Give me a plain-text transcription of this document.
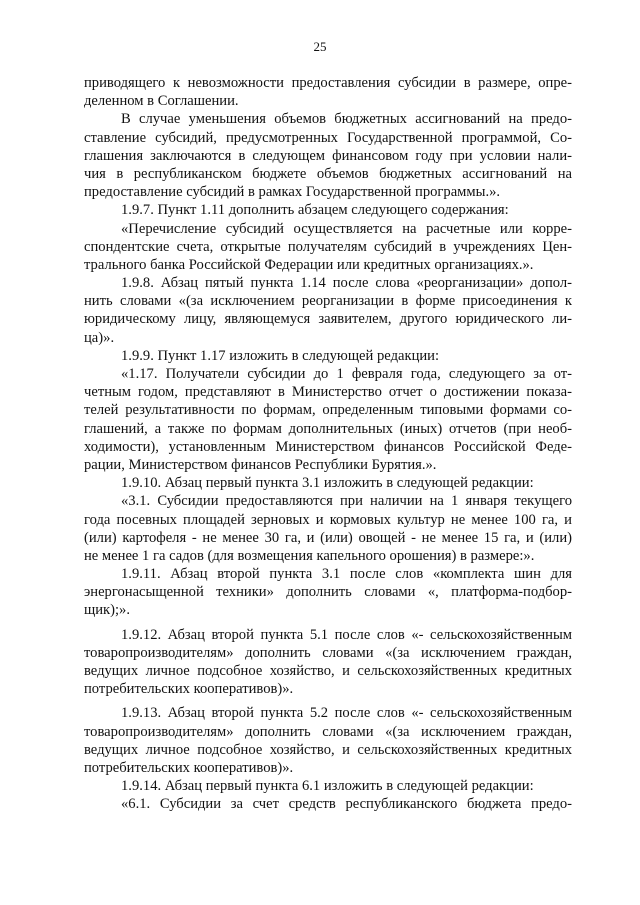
25
приводящего к невозможности предоставления субсидии в размере, опре-
деленном в Соглашении.
В случае уменьшения объемов бюджетных ассигнований на предо-
ставление субсидий, предусмотренных Государственной программой, Со-
глашения заключаются в следующем финансовом году при условии нали-
чия в республиканском бюджете объемов бюджетных ассигнований на
предоставление субсидий в рамках Государственной программы.».
1.9.7. Пункт 1.11 дополнить абзацем следующего содержания:
«Перечисление субсидий осуществляется на расчетные или корре-
спондентские счета, открытые получателям субсидий в учреждениях Цен-
трального банка Российской Федерации или кредитных организациях.».
1.9.8. Абзац пятый пункта 1.14 после слова «реорганизации» допол-
нить словами «(за исключением реорганизации в форме присоединения к
юридическому лицу, являющемуся заявителем, другого юридического ли-
ца)».
1.9.9. Пункт 1.17 изложить в следующей редакции:
«1.17. Получатели субсидии до 1 февраля года, следующего за от-
четным годом, представляют в Министерство отчет о достижении показа-
телей результативности по формам, определенным типовыми формами со-
глашений, а также по формам дополнительных (иных) отчетов (при необ-
ходимости), установленным Министерством финансов Российской Феде-
рации, Министерством финансов Республики Бурятия.».
1.9.10. Абзац первый пункта 3.1 изложить в следующей редакции:
«3.1. Субсидии предоставляются при наличии на 1 января текущего
года посевных площадей зерновых и кормовых культур не менее 100 га, и
(или) картофеля - не менее 30 га, и (или) овощей - не менее 15 га, и (или)
не менее 1 га садов (для возмещения капельного орошения) в размере:».
1.9.11. Абзац второй пункта 3.1 после слов «комплекта шин для
энергонасыщенной техники» дополнить словами «, платформа-подбор-
щик);».
1.9.12. Абзац второй пункта 5.1 после слов «- сельскохозяйственным
товаропроизводителям» дополнить словами «(за исключением граждан,
ведущих личное подсобное хозяйство, и сельскохозяйственных кредитных
потребительских кооперативов)».
1.9.13. Абзац второй пункта 5.2 после слов «- сельскохозяйственным
товаропроизводителям» дополнить словами «(за исключением граждан,
ведущих личное подсобное хозяйство, и сельскохозяйственных кредитных
потребительских кооперативов)».
1.9.14. Абзац первый пункта 6.1 изложить в следующей редакции:
«6.1. Субсидии за счет средств республиканского бюджета предо-
